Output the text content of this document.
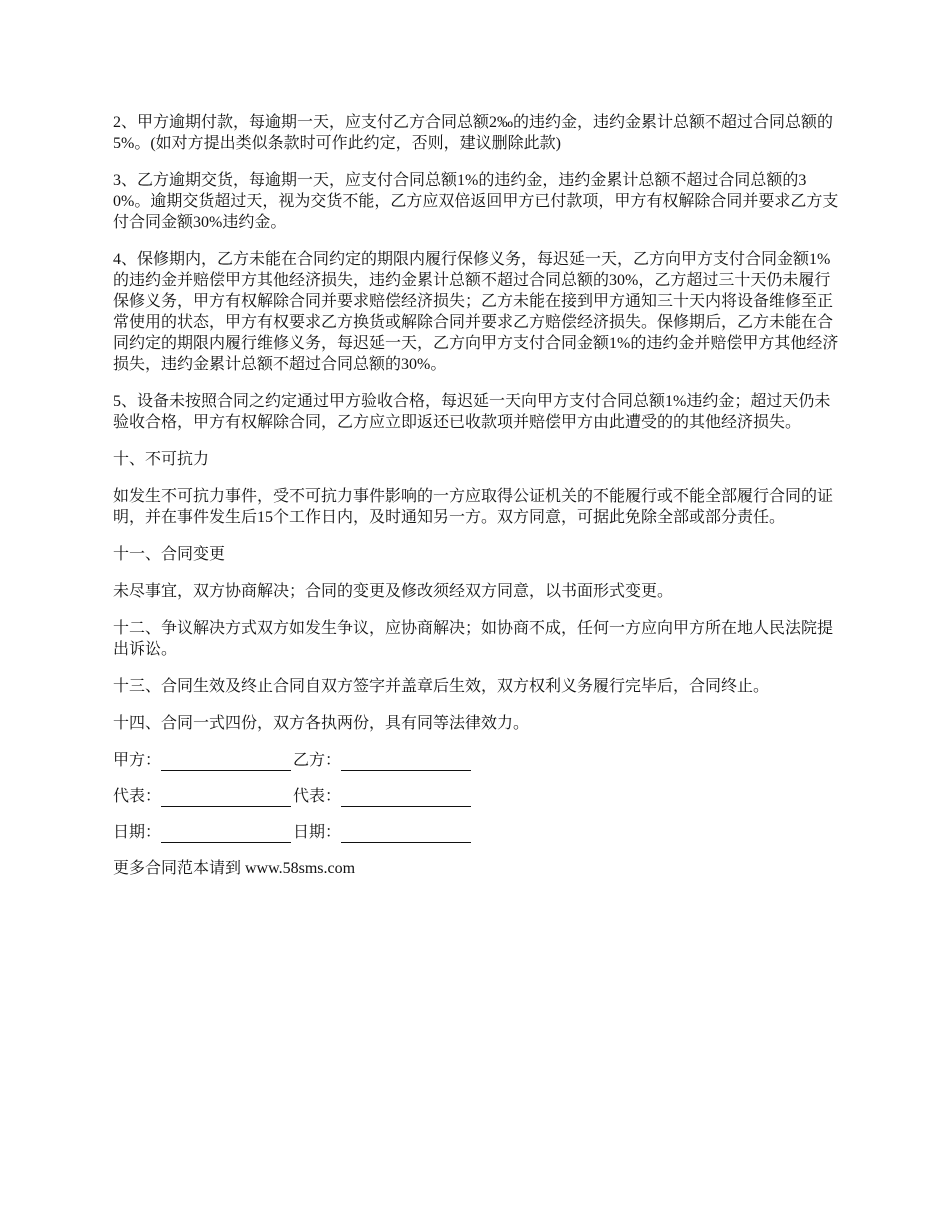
2、甲方逾期付款，每逾期一天，应支付乙方合同总额2‰的违约金，违约金累计总额不超过合同总额的5%。(如对方提出类似条款时可作此约定，否则，建议删除此款)

3、乙方逾期交货，每逾期一天，应支付合同总额1%的违约金，违约金累计总额不超过合同总额的30%。逾期交货超过天，视为交货不能，乙方应双倍返回甲方已付款项，甲方有权解除合同并要求乙方支付合同金额30%违约金。

4、保修期内，乙方未能在合同约定的期限内履行保修义务，每迟延一天，乙方向甲方支付合同金额1%的违约金并赔偿甲方其他经济损失，违约金累计总额不超过合同总额的30%，乙方超过三十天仍未履行保修义务，甲方有权解除合同并要求赔偿经济损失；乙方未能在接到甲方通知三十天内将设备维修至正常使用的状态，甲方有权要求乙方换货或解除合同并要求乙方赔偿经济损失。保修期后，乙方未能在合同约定的期限内履行维修义务，每迟延一天，乙方向甲方支付合同金额1%的违约金并赔偿甲方其他经济损失，违约金累计总额不超过合同总额的30%。

5、设备未按照合同之约定通过甲方验收合格，每迟延一天向甲方支付合同总额1%违约金；超过天仍未验收合格，甲方有权解除合同，乙方应立即返还已收款项并赔偿甲方由此遭受的的其他经济损失。

十、不可抗力

如发生不可抗力事件，受不可抗力事件影响的一方应取得公证机关的不能履行或不能全部履行合同的证明，并在事件发生后15个工作日内，及时通知另一方。双方同意，可据此免除全部或部分责任。

十一、合同变更

未尽事宜，双方协商解决；合同的变更及修改须经双方同意，以书面形式变更。

十二、争议解决方式双方如发生争议，应协商解决；如协商不成，任何一方应向甲方所在地人民法院提出诉讼。

十三、合同生效及终止合同自双方签字并盖章后生效，双方权利义务履行完毕后，合同终止。

十四、合同一式四份，双方各执两份，具有同等法律效力。

甲方：	乙方：
代表：	代表：
日期：	日期：

更多合同范本请到 www.58sms.com
